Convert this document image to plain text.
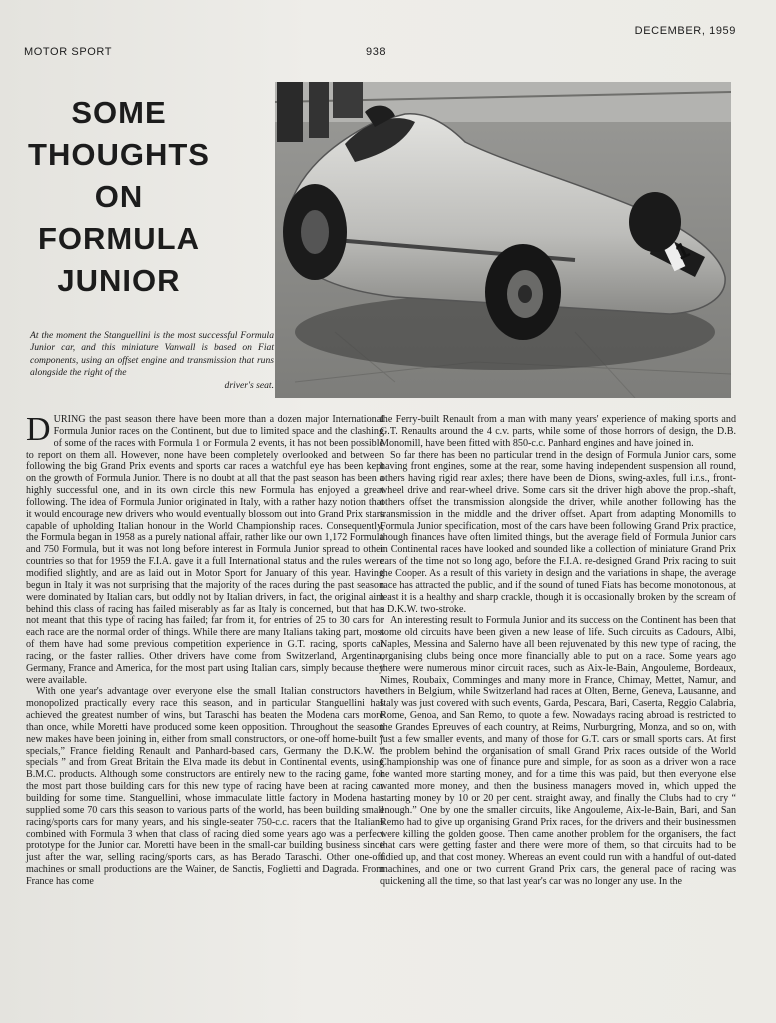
MOTOR SPORT	938
DECEMBER, 1959
SOME
THOUGHTS
ON
FORMULA
JUNIOR
At the moment the Stanguellini is the most successful Formula Junior car, and this miniature Vanwall is based on Fiat components, using an offset engine and transmission that runs alongside the right of the
driver's seat.
1

DURING the past season there have been more than a dozen major International Formula Junior races on the Continent, but due to limited space and the clashing of some of the races with Formula 1 or Formula 2 events, it has not been possible to report on them all. However, none have been completely overlooked and between following the big Grand Prix events and sports car races a watchful eye has been kept on the growth of Formula Junior. There is no doubt at all that the past season has been a highly successful one, and in its own circle this new Formula has enjoyed a great following. The idea of Formula Junior originated in Italy, with a rather hazy notion that it would encourage new drivers who would eventually blossom out into Grand Prix stars capable of upholding Italian honour in the World Championship races. Consequently, the Formula began in 1958 as a purely national affair, rather like our own 1,172 Formula and 750 Formula, but it was not long before interest in Formula Junior spread to other countries so that for 1959 the F.I.A. gave it a full International status and the rules were modified slightly, and are as laid out in Motor Sport for January of this year. Having begun in Italy it was not surprising that the majority of the races during the past season were dominated by Italian cars, but oddly not by Italian drivers, in fact, the original aim behind this class of racing has failed miserably as far as Italy is concerned, but that has not meant that this type of racing has failed; far from it, for entries of 25 to 30 cars for each race are the normal order of things. While there are many Italians taking part, most of them have had some previous competition experience in G.T. racing, sports car racing, or the faster rallies. Other drivers have come from Switzerland, Argentina, Germany, France and America, for the most part using Italian cars, simply because they were available.

With one year's advantage over everyone else the small Italian constructors have monopolized practically every race this season, and in particular Stanguellini has achieved the greatest number of wins, but Taraschi has beaten the Modena cars more than once, while Moretti have produced some keen opposition. Throughout the season new makes have been joining in, either from small constructors, or one-off home-built “ specials,” France fielding Renault and Panhard-based cars, Germany the D.K.W. “ specials ” and from Great Britain the Elva made its debut in Continental events, using B.M.C. products. Although some constructors are entirely new to the racing game, for the most part those building cars for this new type of racing have been at racing car building for some time. Stanguellini, whose immaculate little factory in Modena has supplied some 70 cars this season to various parts of the world, has been building small racing/sports cars for many years, and his single-seater 750-c.c. racers that the Italians combined with Formula 3 when that class of racing died some years ago was a perfect prototype for the Junior car. Moretti have been in the small-car building business since just after the war, selling racing/sports cars, as has Berado Taraschi. Other one-off machines or small productions are the Wainer, de Sanctis, Foglietti and Dagrada. From France has come

the Ferry-built Renault from a man with many years' experience of making sports and G.T. Renaults around the 4 c.v. parts, while some of those horrors of design, the D.B. Monomill, have been fitted with 850-c.c. Panhard engines and have joined in.

So far there has been no particular trend in the design of Formula Junior cars, some having front engines, some at the rear, some having independent suspension all round, others having rigid rear axles; there have been de Dions, swing-axles, full i.r.s., front-wheel drive and rear-wheel drive. Some cars sit the driver high above the prop.-shaft, others offset the transmission alongside the driver, while another following has the transmission in the middle and the driver offset. Apart from adapting Monomills to Formula Junior specification, most of the cars have been following Grand Prix practice, though finances have often limited things, but the average field of Formula Junior cars in Continental races have looked and sounded like a collection of miniature Grand Prix cars of the time not so long ago, before the F.I.A. re-designed Grand Prix racing to suit the Cooper. As a result of this variety in design and the variations in shape, the average race has attracted the public, and if the sound of tuned Fiats has become monotonous, at least it is a healthy and sharp crackle, though it is occasionally broken by the scream of a D.K.W. two-stroke.

An interesting result to Formula Junior and its success on the Continent has been that some old circuits have been given a new lease of life. Such circuits as Cadours, Albi, Naples, Messina and Salerno have all been rejuvenated by this new type of racing, the organising clubs being once more financially able to put on a race. Some years ago there were numerous minor circuit races, such as Aix-le-Bain, Angouleme, Bordeaux, Nimes, Roubaix, Comminges and many more in France, Chimay, Mettet, Namur, and others in Belgium, while Switzerland had races at Olten, Berne, Geneva, Lausanne, and Italy was just covered with such events, Garda, Pescara, Bari, Caserta, Reggio Calabria, Rome, Genoa, and San Remo, to quote a few. Nowadays racing abroad is restricted to the Grandes Epreuves of each country, at Reims, Nurburgring, Monza, and so on, with just a few smaller events, and many of those for G.T. cars or small sports cars. At first the problem behind the organisation of small Grand Prix races outside of the World Championship was one of finance pure and simple, for as soon as a driver won a race he wanted more starting money, and for a time this was paid, but then everyone else wanted more money, and then the business managers moved in, which upped the starting money by 10 or 20 per cent. straight away, and finally the Clubs had to cry “ enough.” One by one the smaller circuits, like Angouleme, Aix-le-Bain, Bari, and San Remo had to give up organising Grand Prix races, for the drivers and their businessmen were killing the golden goose. Then came another problem for the organisers, the fact that cars were getting faster and there were more of them, so that circuits had to be tidied up, and that cost money. Whereas an event could run with a handful of out-dated machines, and one or two current Grand Prix cars, the general pace of racing was quickening all the time, so that last year's car was no longer any use. In the
